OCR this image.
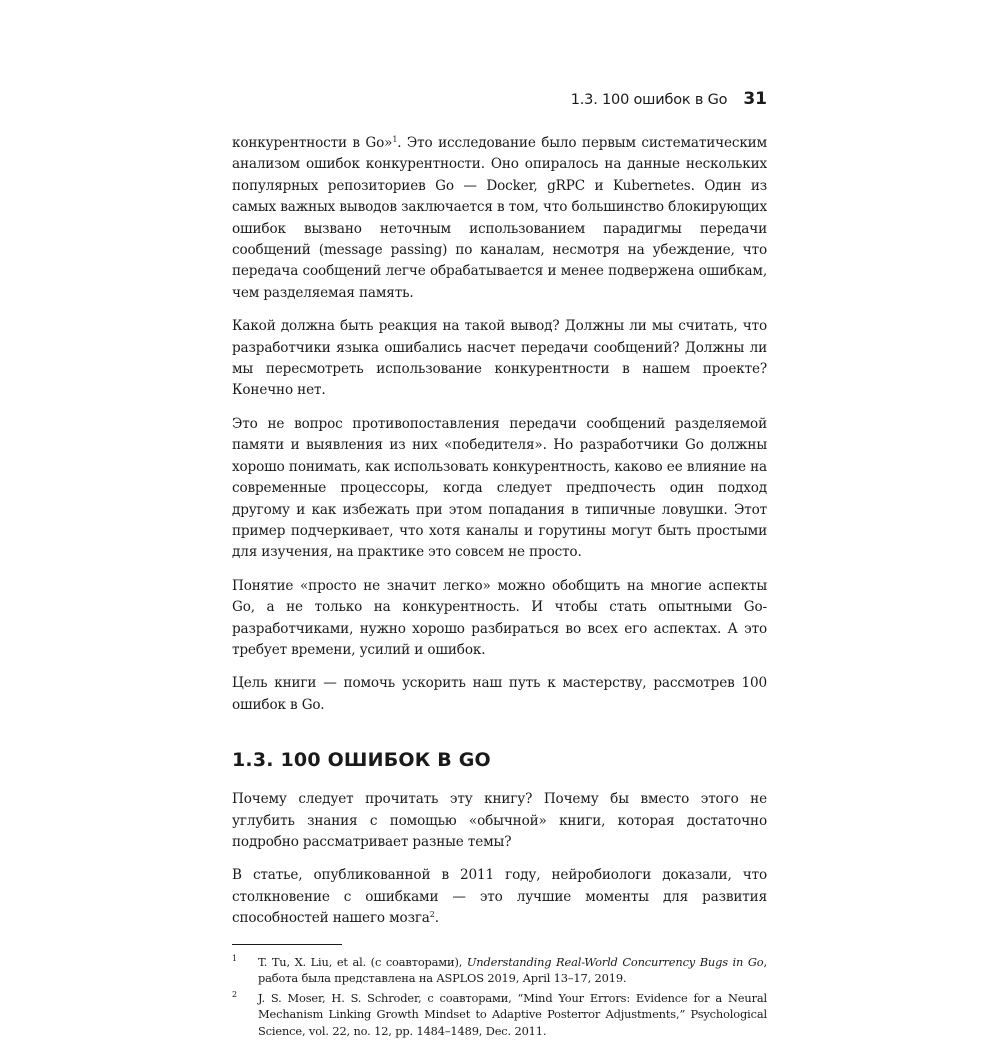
1.3. 100 ошибок в Go 31

конкурентности в Go»$^1$. Это исследование было первым систематическим анализом ошибок конкурентности. Оно опиралось на данные нескольких популярных репозиториев Go — Docker, gRPC и Kubernetes. Один из самых важных выводов заключается в том, что большинство блокирующих ошибок вызвано неточным использованием парадигмы передачи сообщений (message passing) по каналам, несмотря на убеждение, что передача сообщений легче обрабатывается и менее подвержена ошибкам, чем разделяемая память.

Какой должна быть реакция на такой вывод? Должны ли мы считать, что разработчики языка ошибались насчет передачи сообщений? Должны ли мы пересмотреть использование конкурентности в нашем проекте? Конечно нет.

Это не вопрос противопоставления передачи сообщений разделяемой памяти и выявления из них «победителя». Но разработчики Go должны хорошо понимать, как использовать конкурентность, каково ее влияние на современные процессоры, когда следует предпочесть один подход другому и как избежать при этом попадания в типичные ловушки. Этот пример подчеркивает, что хотя каналы и горутины могут быть простыми для изучения, на практике это совсем не просто.

Понятие «просто не значит легко» можно обобщить на многие аспекты Go, а не только на конкурентность. И чтобы стать опытными Go-разработчиками, нужно хорошо разбираться во всех его аспектах. А это требует времени, усилий и ошибок.

Цель книги — помочь ускорить наш путь к мастерству, рассмотрев 100 ошибок в Go.

1.3. 100 ОШИБОК В GO

Почему следует прочитать эту книгу? Почему бы вместо этого не углубить знания с помощью «обычной» книги, которая достаточно подробно рассматривает разные темы?

В статье, опубликованной в 2011 году, нейробиологи доказали, что столкновение с ошибками — это лучшие моменты для развития способностей нашего мозга$^2$.

1 T. Tu, X. Liu, et al. (с соавторами), Understanding Real-World Concurrency Bugs in Go, работа была представлена на ASPLOS 2019, April 13–17, 2019.
2 J. S. Moser, H. S. Schroder, с соавторами, “Mind Your Errors: Evidence for a Neural Mechanism Linking Growth Mindset to Adaptive Posterror Adjustments,” Psychological Science, vol. 22, no. 12, pp. 1484–1489, Dec. 2011.
